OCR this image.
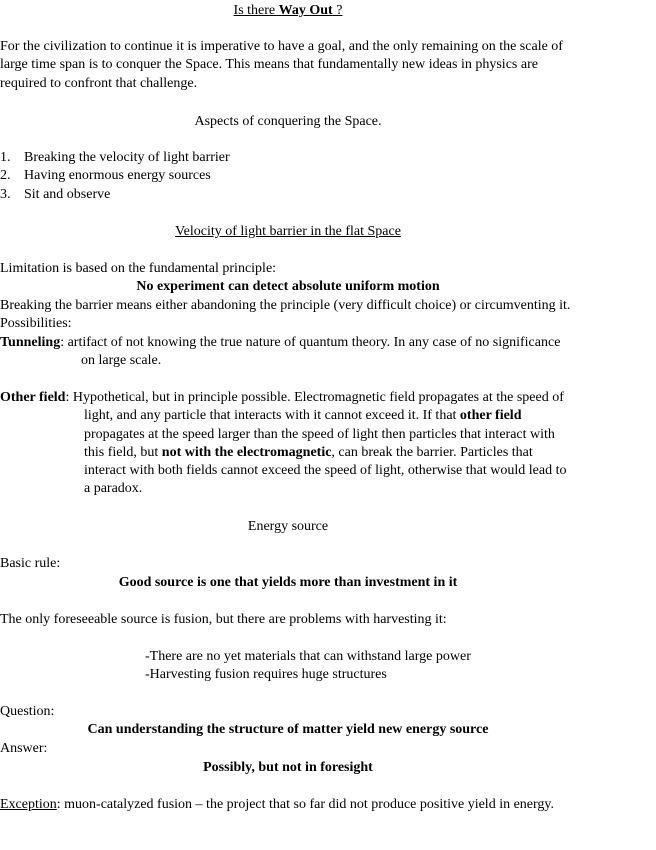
Is there Way Out ?
For the civilization to continue it is imperative to have a goal, and the only remaining on the scale of large time span is to conquer the Space. This means that fundamentally new ideas in physics are required to confront that challenge.
Aspects of conquering the Space.
1. Breaking the velocity of light barrier
2. Having enormous energy sources
3. Sit and observe
Velocity of light barrier in the flat Space
Limitation is based on the fundamental principle:
No experiment can detect absolute uniform motion
Breaking the barrier means either abandoning the principle (very difficult choice) or circumventing it. Possibilities:
Tunneling: artifact of not knowing the true nature of quantum theory. In any case of no significance on large scale.
Other field: Hypothetical, but in principle possible. Electromagnetic field propagates at the speed of light, and any particle that interacts with it cannot exceed it. If that other field propagates at the speed larger than the speed of light then particles that interact with this field, but not with the electromagnetic, can break the barrier. Particles that interact with both fields cannot exceed the speed of light, otherwise that would lead to a paradox.
Energy source
Basic rule:
Good source is one that yields more than investment in it
The only foreseeable source is fusion, but there are problems with harvesting it:
-There are no yet materials that can withstand large power
-Harvesting fusion requires huge structures
Question:
Can understanding the structure of matter yield new energy source
Answer:
Possibly, but not in foresight
Exception: muon-catalyzed fusion – the project that so far did not produce positive yield in energy.
